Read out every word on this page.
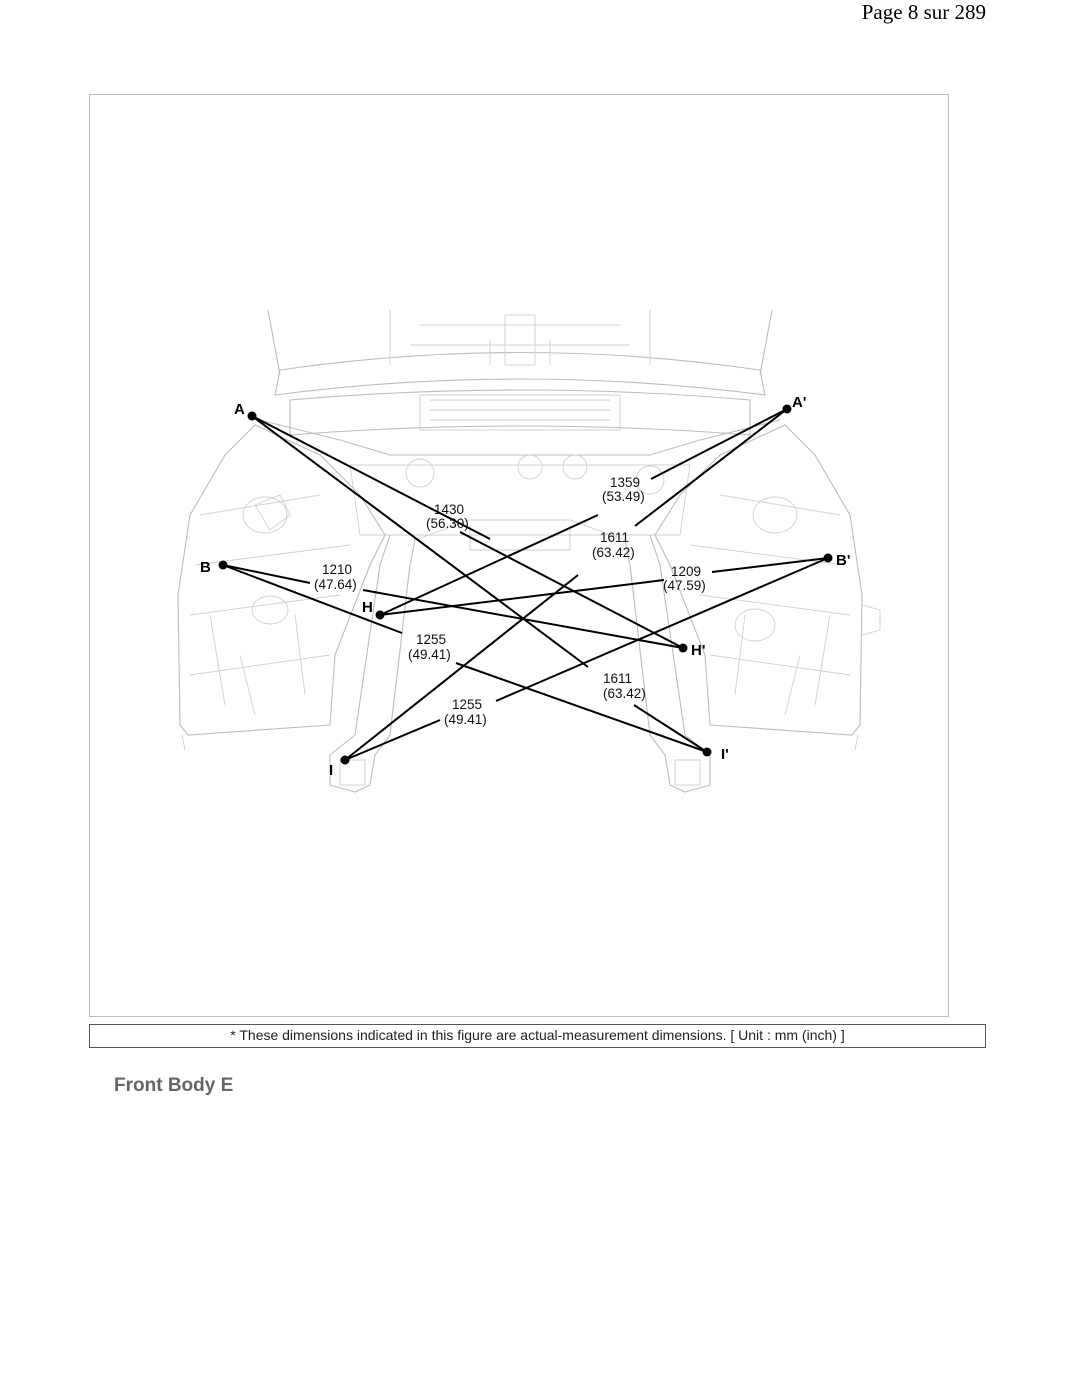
Page 8 sur 289
A	A'
B	B'
H
H'
I
I'
1430
(56.30)
1359
(53.49)
1611
(63.42)
1611
(63.42)
1210
(47.64)
1209
(47.59)
1255
(49.41)
1255
(49.41)
* These dimensions indicated in this figure are actual-measurement dimensions. [ Unit : mm (inch) ]
Front Body E
